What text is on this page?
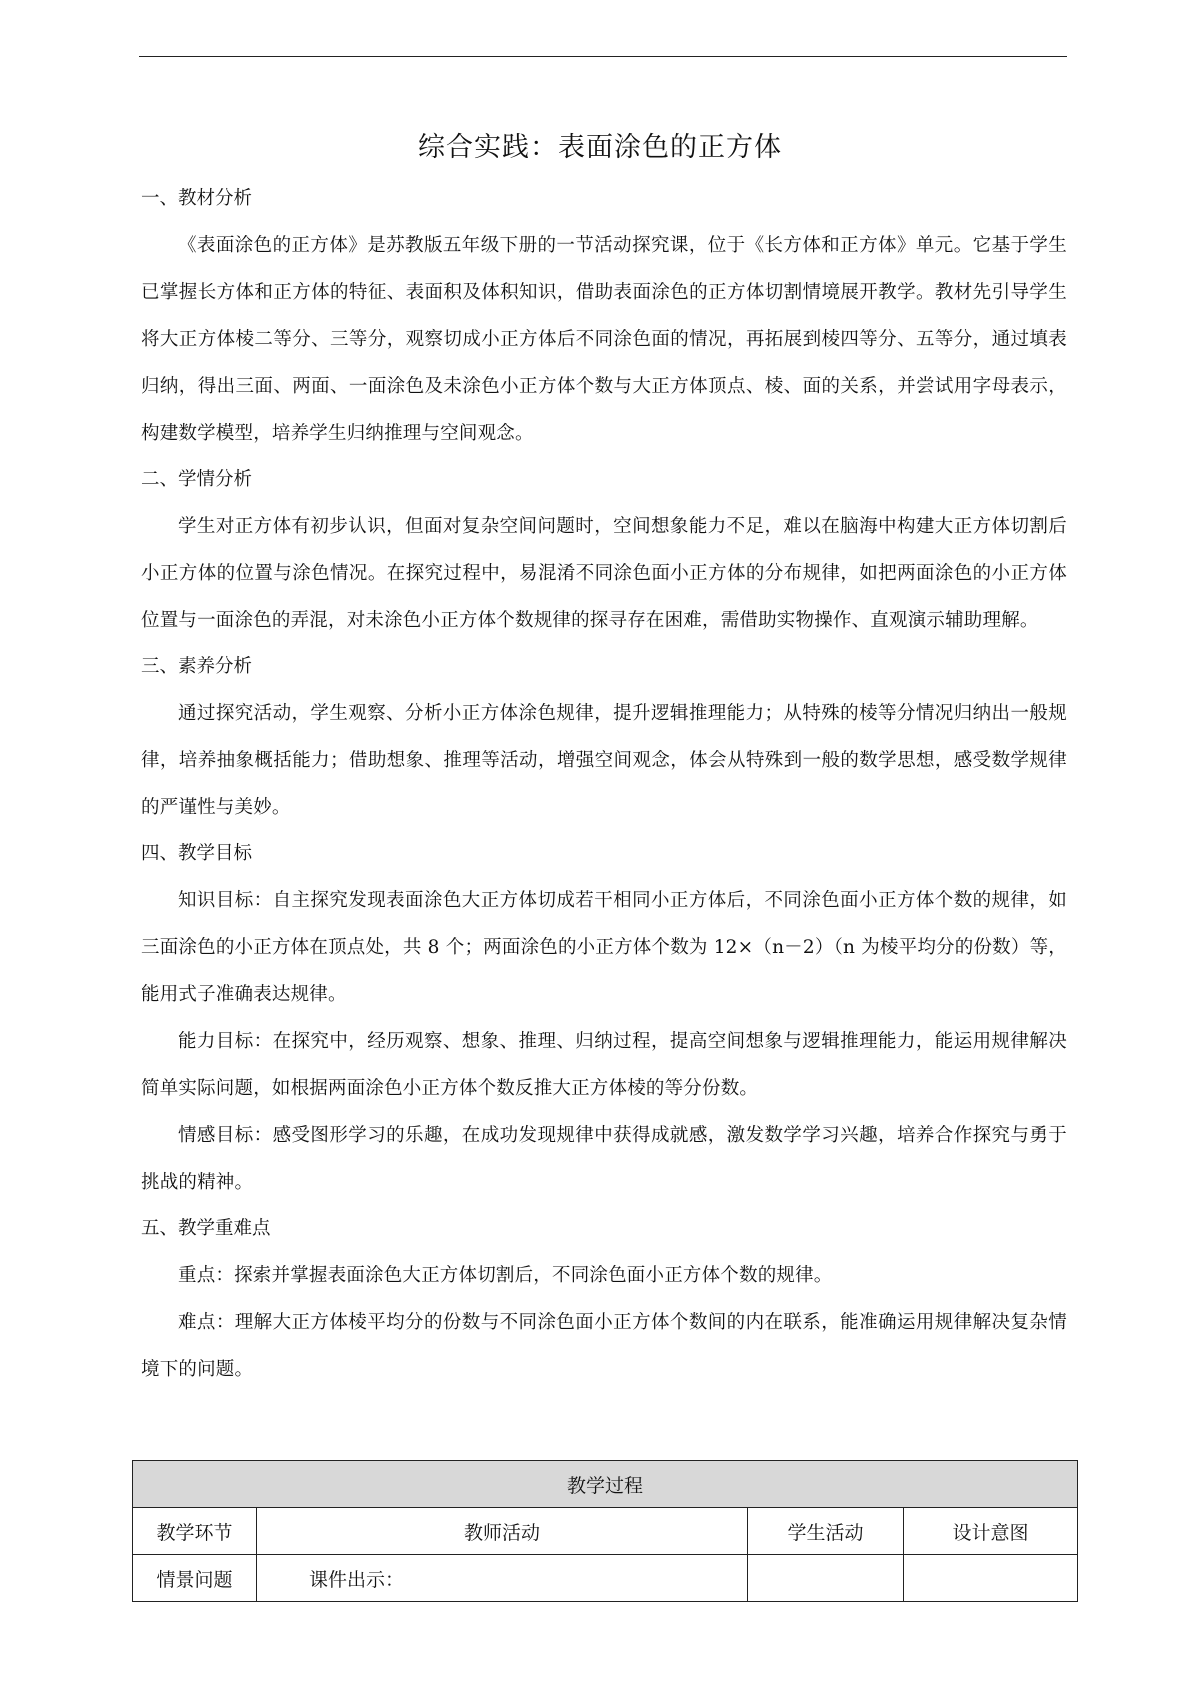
综合实践：表面涂色的正方体
一、教材分析

《表面涂色的正方体》是苏教版五年级下册的一节活动探究课，位于《长方体和正方体》单元。它基于学生已掌握长方体和正方体的特征、表面积及体积知识，借助表面涂色的正方体切割情境展开教学。教材先引导学生将大正方体棱二等分、三等分，观察切成小正方体后不同涂色面的情况，再拓展到棱四等分、五等分，通过填表归纳，得出三面、两面、一面涂色及未涂色小正方体个数与大正方体顶点、棱、面的关系，并尝试用字母表示，构建数学模型，培养学生归纳推理与空间观念。

二、学情分析

学生对正方体有初步认识，但面对复杂空间问题时，空间想象能力不足，难以在脑海中构建大正方体切割后小正方体的位置与涂色情况。在探究过程中，易混淆不同涂色面小正方体的分布规律，如把两面涂色的小正方体位置与一面涂色的弄混，对未涂色小正方体个数规律的探寻存在困难，需借助实物操作、直观演示辅助理解。

三、素养分析

通过探究活动，学生观察、分析小正方体涂色规律，提升逻辑推理能力；从特殊的棱等分情况归纳出一般规律，培养抽象概括能力；借助想象、推理等活动，增强空间观念，体会从特殊到一般的数学思想，感受数学规律的严谨性与美妙。

四、教学目标

知识目标：自主探究发现表面涂色大正方体切成若干相同小正方体后，不同涂色面小正方体个数的规律，如三面涂色的小正方体在顶点处，共 8 个；两面涂色的小正方体个数为 12×（n－2）（n 为棱平均分的份数）等，能用式子准确表达规律。

能力目标：在探究中，经历观察、想象、推理、归纳过程，提高空间想象与逻辑推理能力，能运用规律解决简单实际问题，如根据两面涂色小正方体个数反推大正方体棱的等分份数。

情感目标：感受图形学习的乐趣，在成功发现规律中获得成就感，激发数学学习兴趣，培养合作探究与勇于挑战的精神。

五、教学重难点

重点：探索并掌握表面涂色大正方体切割后，不同涂色面小正方体个数的规律。

难点：理解大正方体棱平均分的份数与不同涂色面小正方体个数间的内在联系，能准确运用规律解决复杂情境下的问题。

教学过程			
教学环节	教师活动	学生活动	设计意图
情景问题	课件出示：		
